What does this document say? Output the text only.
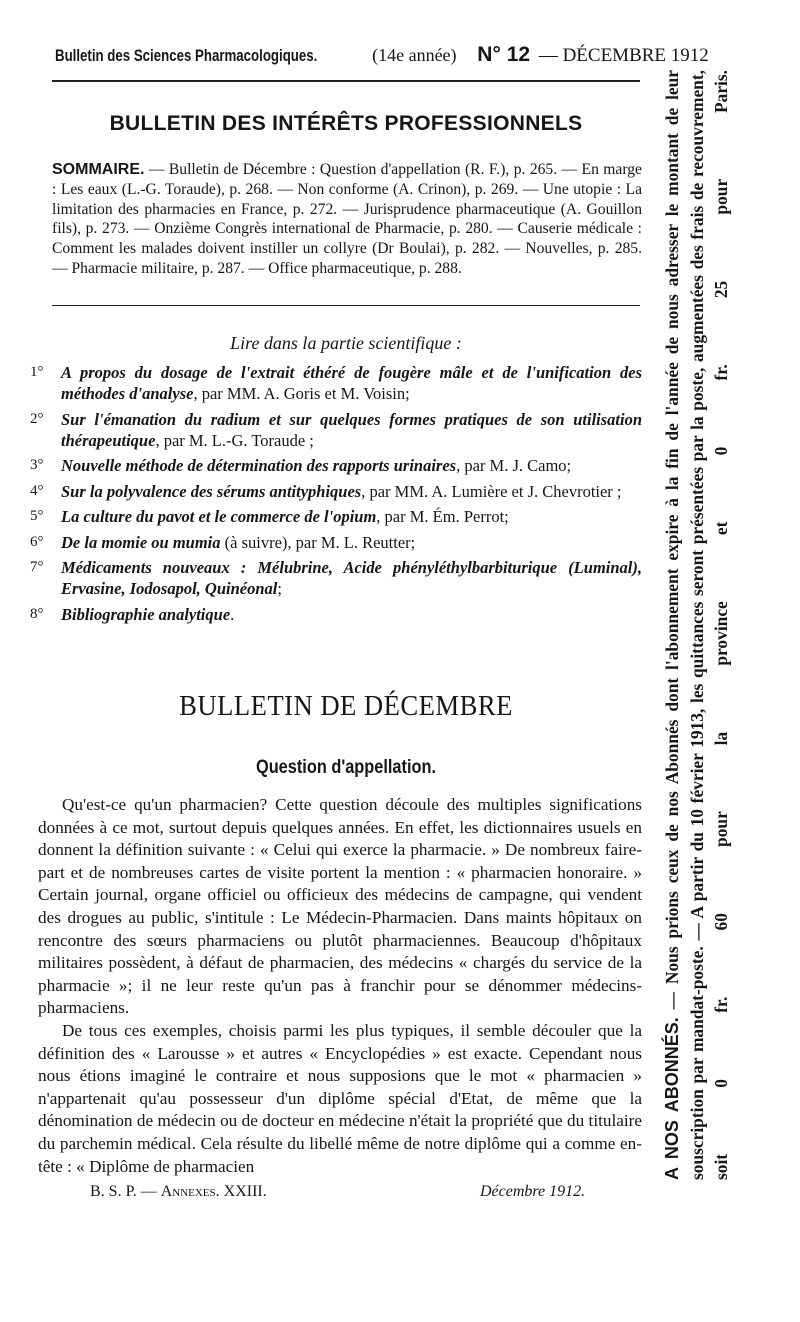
Bulletin des Sciences Pharmacologiques.	(14e année) N° 12 — DÉCEMBRE 1912
BULLETIN DES INTÉRÊTS PROFESSIONNELS

SOMMAIRE. — Bulletin de Décembre : Question d'appellation (R. F.), p. 265. — En marge : Les eaux (L.-G. Toraude), p. 268. — Non conforme (A. Crinon), p. 269. — Une utopie : La limitation des pharmacies en France, p. 272. — Jurisprudence pharmaceutique (A. Gouillon fils), p. 273. — Onzième Congrès international de Pharmacie, p. 280. — Causerie médicale : Comment les malades doivent instiller un collyre (Dr Boulai), p. 282. — Nouvelles, p. 285. — Pharmacie militaire, p. 287. — Office pharmaceutique, p. 288.

Lire dans la partie scientifique :
1° A propos du dosage de l'extrait éthéré de fougère mâle et de l'unification des méthodes d'analyse, par MM. A. Goris et M. Voisin;
2° Sur l'émanation du radium et sur quelques formes pratiques de son utilisation thérapeutique, par M. L.-G. Toraude ;
3° Nouvelle méthode de détermination des rapports urinaires, par M. J. Camo;
4° Sur la polyvalence des sérums antityphiques, par MM. A. Lumière et J. Chevrotier ;
5° La culture du pavot et le commerce de l'opium, par M. Ém. Perrot;
6° De la momie ou mumia (à suivre), par M. L. Reutter;
7° Médicaments nouveaux : Mélubrine, Acide phényléthylbarbiturique (Luminal), Ervasine, Iodosapol, Quinéonal;
8° Bibliographie analytique.
BULLETIN DE DÉCEMBRE
Question d'appellation.

Qu'est-ce qu'un pharmacien? Cette question découle des multiples significations données à ce mot, surtout depuis quelques années. En effet, les dictionnaires usuels en donnent la définition suivante : « Celui qui exerce la pharmacie. » De nombreux faire-part et de nombreuses cartes de visite portent la mention : « pharmacien honoraire. » Certain journal, organe officiel ou officieux des médecins de campagne, qui vendent des drogues au public, s'intitule : Le Médecin-Pharmacien. Dans maints hôpitaux on rencontre des sœurs pharmaciens ou plutôt pharmaciennes. Beaucoup d'hôpitaux militaires possèdent, à défaut de pharmacien, des médecins « chargés du service de la pharmacie »; il ne leur reste qu'un pas à franchir pour se dénommer médecins-pharmaciens.

De tous ces exemples, choisis parmi les plus typiques, il semble découler que la définition des « Larousse » et autres « Encyclopédies » est exacte. Cependant nous nous étions imaginé le contraire et nous supposions que le mot « pharmacien » n'appartenait qu'au possesseur d'un diplôme spécial d'Etat, de même que la dénomination de médecin ou de docteur en médecine n'était la propriété que du titulaire du parchemin médical. Cela résulte du libellé même de notre diplôme qui a comme en-tête : « Diplôme de pharmacien

B. S. P. — Annexes. XXIII.	Décembre 1912.
A NOS ABONNÉS. — Nous prions ceux de nos Abonnés dont l'abonnement expire à la fin de l'année de nous adresser le montant de leur souscription par mandat-poste. — A partir du 10 février 1913, les quittances seront présentées par la poste, augmentées des frais de recouvrement, soit 0 fr. 60 pour la province et 0 fr. 25 pour Paris.
